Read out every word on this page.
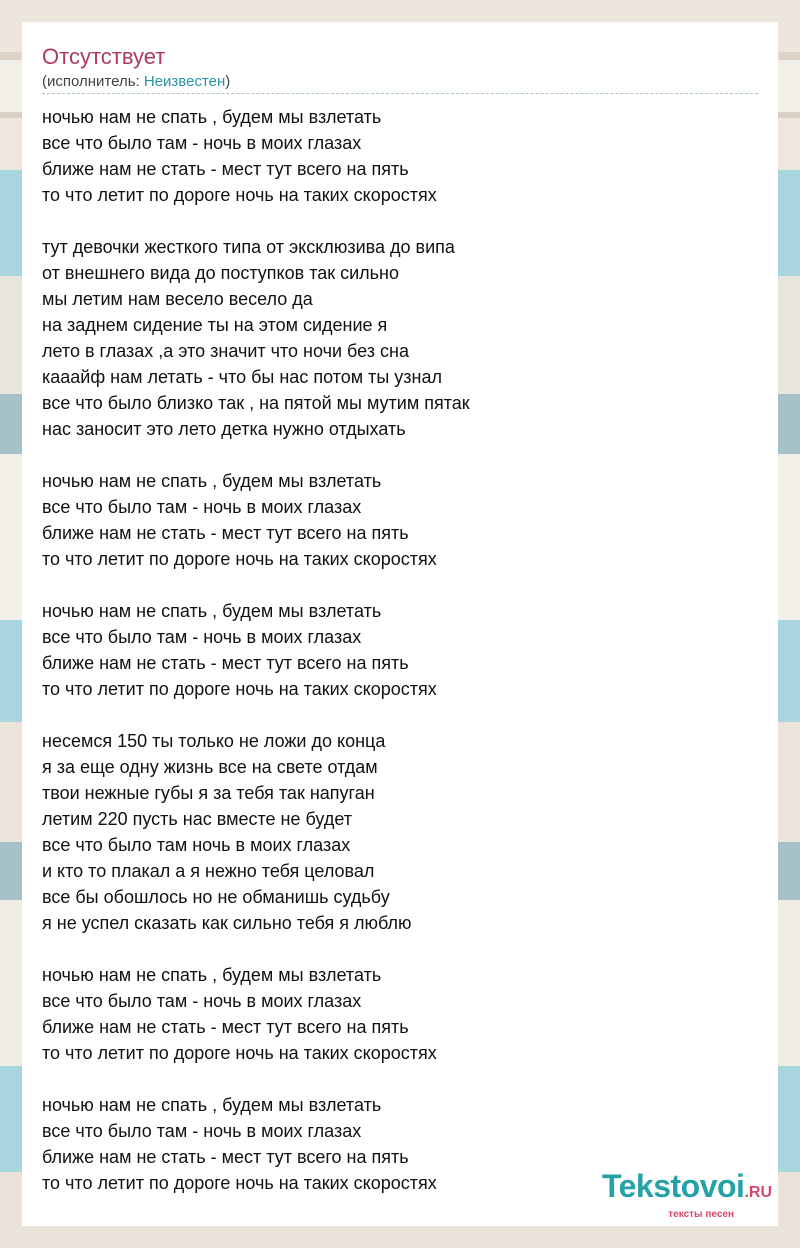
Отсутствует
(исполнитель: Неизвестен)
ночью нам не спать , будем мы взлетать
все что было там - ночь в моих глазах
ближе нам не стать - мест тут всего на пять
то что летит по дороге ночь на таких скоростях
тут девочки жесткого типа от эксклюзива до випа
от внешнего вида до поступков так сильно
мы летим нам весело весело да
на заднем сидение ты на этом сидение я
лето в глазах ,а это значит что ночи без сна
кааайф нам летать - что бы нас потом ты узнал
все что было близко так , на пятой мы мутим пятак
нас заносит это лето детка нужно отдыхать
ночью нам не спать , будем мы взлетать
все что было там - ночь в моих глазах
ближе нам не стать - мест тут всего на пять
то что летит по дороге ночь на таких скоростях
ночью нам не спать , будем мы взлетать
все что было там - ночь в моих глазах
ближе нам не стать - мест тут всего на пять
то что летит по дороге ночь на таких скоростях
несемся 150 ты только не ложи до конца
я за еще одну жизнь все на свете отдам
твои нежные губы я за тебя так напуган
летим 220 пусть нас вместе не будет
все что было там ночь в моих глазах
и кто то плакал а я нежно тебя целовал
все бы обошлось но не обманишь судьбу
я не успел сказать как сильно тебя я люблю
ночью нам не спать , будем мы взлетать
все что было там - ночь в моих глазах
ближе нам не стать - мест тут всего на пять
то что летит по дороге ночь на таких скоростях
ночью нам не спать , будем мы взлетать
все что было там - ночь в моих глазах
ближе нам не стать - мест тут всего на пять
то что летит по дороге ночь на таких скоростях	Tekstovoi.RU
тексты песен
